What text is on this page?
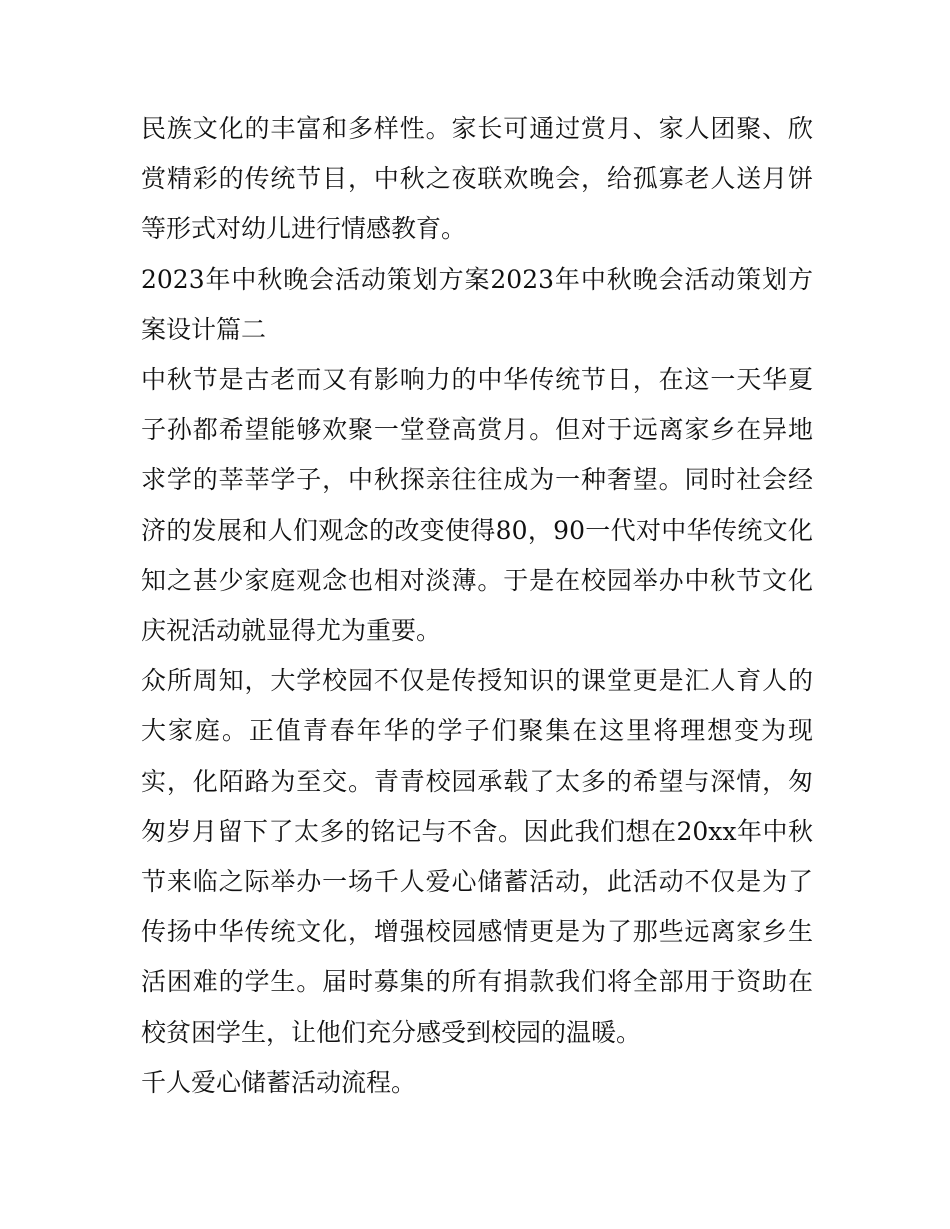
民族文化的丰富和多样性。家长可通过赏月、家人团聚、欣赏精彩的传统节目，中秋之夜联欢晚会，给孤寡老人送月饼等形式对幼儿进行情感教育。

2023年中秋晚会活动策划方案2023年中秋晚会活动策划方案设计篇二

中秋节是古老而又有影响力的中华传统节日，在这一天华夏子孙都希望能够欢聚一堂登高赏月。但对于远离家乡在异地求学的莘莘学子，中秋探亲往往成为一种奢望。同时社会经济的发展和人们观念的改变使得80，90一代对中华传统文化知之甚少家庭观念也相对淡薄。于是在校园举办中秋节文化庆祝活动就显得尤为重要。

众所周知，大学校园不仅是传授知识的课堂更是汇人育人的大家庭。正值青春年华的学子们聚集在这里将理想变为现实，化陌路为至交。青青校园承载了太多的希望与深情，匆匆岁月留下了太多的铭记与不舍。因此我们想在20xx年中秋节来临之际举办一场千人爱心储蓄活动，此活动不仅是为了传扬中华传统文化，增强校园感情更是为了那些远离家乡生活困难的学生。届时募集的所有捐款我们将全部用于资助在校贫困学生，让他们充分感受到校园的温暖。

千人爱心储蓄活动流程。
